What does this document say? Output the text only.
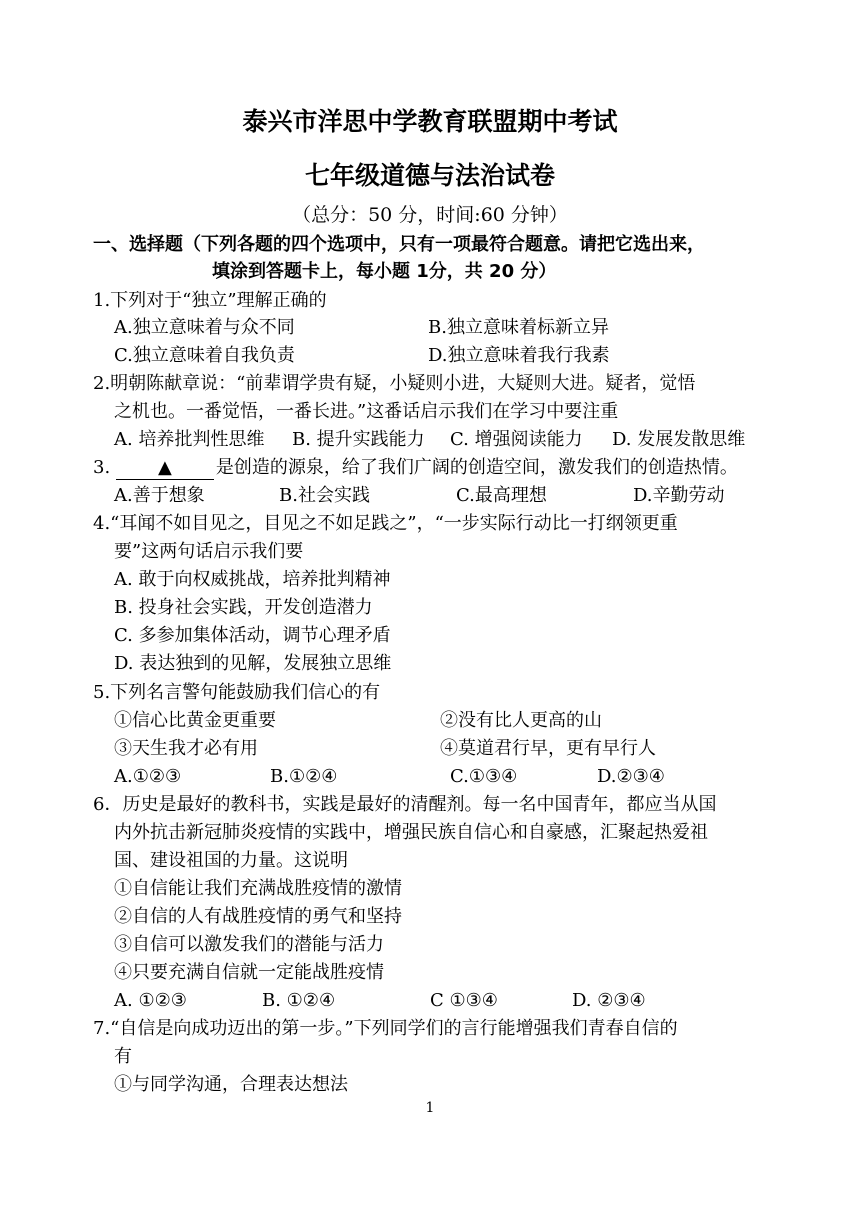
泰兴市洋思中学教育联盟期中考试
七年级道德与法治试卷
（总分：50 分，时间:60 分钟）
一、选择题（下列各题的四个选项中，只有一项最符合题意。请把它选出来，
填涂到答题卡上，每小题 1分，共 20 分）
1.下列对于“独立”理解正确的
A.独立意味着与众不同	B.独立意味着标新立异
C.独立意味着自我负责	D.独立意味着我行我素
2.明朝陈献章说：“前辈谓学贵有疑，小疑则小进，大疑则大进。疑者，觉悟
之机也。一番觉悟，一番长进。”这番话启示我们在学习中要注重
A. 培养批判性思维 B. 提升实践能力 C. 增强阅读能力 D. 发展发散思维
3.	▲ 是创造的源泉，给了我们广阔的创造空间，激发我们的创造热情。
A.善于想象	B.社会实践	C.最高理想	D.辛勤劳动
4.“耳闻不如目见之，目见之不如足践之”，“一步实际行动比一打纲领更重
要”这两句话启示我们要
A. 敢于向权威挑战，培养批判精神
B. 投身社会实践，开发创造潜力
C. 多参加集体活动，调节心理矛盾
D. 表达独到的见解，发展独立思维
5.下列名言警句能鼓励我们信心的有
①信心比黄金更重要	②没有比人更高的山
③天生我才必有用	④莫道君行早，更有早行人
A.①②③	B.①②④	C.①③④	D.②③④
6．历史是最好的教科书，实践是最好的清醒剂。每一名中国青年，都应当从国
内外抗击新冠肺炎疫情的实践中，增强民族自信心和自豪感，汇聚起热爱祖
国、建设祖国的力量。这说明
①自信能让我们充满战胜疫情的激情
②自信的人有战胜疫情的勇气和坚持
③自信可以激发我们的潜能与活力
④只要充满自信就一定能战胜疫情
A. ①②③	B. ①②④	C ①③④	D. ②③④
7.“自信是向成功迈出的第一步。”下列同学们的言行能增强我们青春自信的
有
①与同学沟通，合理表达想法
1
